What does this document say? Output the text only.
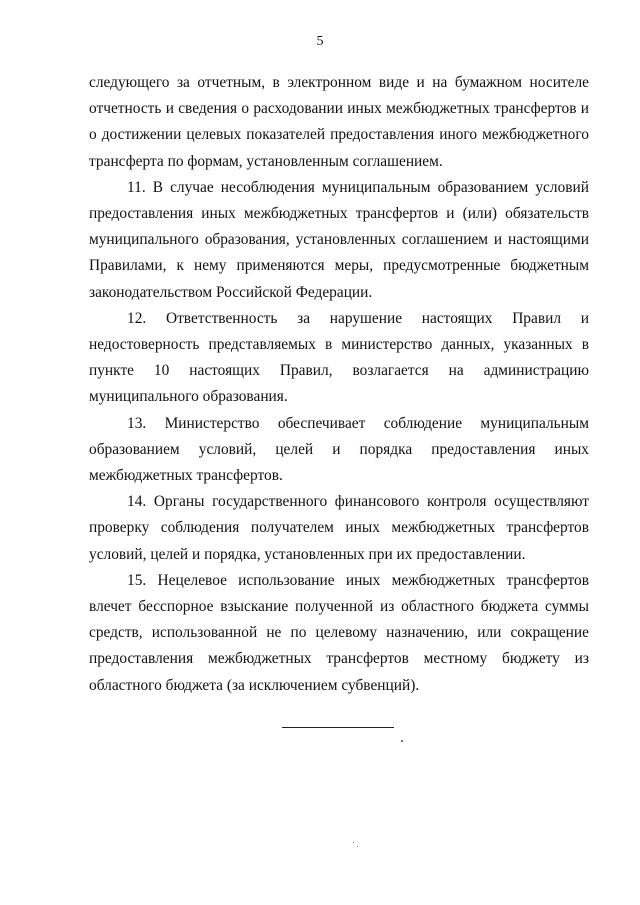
5

следующего за отчетным, в электронном виде и на бумажном носителе отчетность и сведения о расходовании иных межбюджетных трансфертов и о достижении целевых показателей предоставления иного межбюджетного трансферта по формам, установленным соглашением.

11. В случае несоблюдения муниципальным образованием условий предоставления иных межбюджетных трансфертов и (или) обязательств муниципального образования, установленных соглашением и настоящими Правилами, к нему применяются меры, предусмотренные бюджетным законодательством Российской Федерации.

12. Ответственность за нарушение настоящих Правил и недостоверность представляемых в министерство данных, указанных в пункте 10 настоящих Правил, возлагается на администрацию муниципального образования.

13. Министерство обеспечивает соблюдение муниципальным образованием условий, целей и порядка предоставления иных межбюджетных трансфертов.

14. Органы государственного финансового контроля осуществляют проверку соблюдения получателем иных межбюджетных трансфертов условий, целей и порядка, установленных при их предоставлении.

15. Нецелевое использование иных межбюджетных трансфертов влечет бесспорное взыскание полученной из областного бюджета суммы средств, использованной не по целевому назначению, или сокращение предоставления межбюджетных трансфертов местному бюджету из областного бюджета (за исключением субвенций).
